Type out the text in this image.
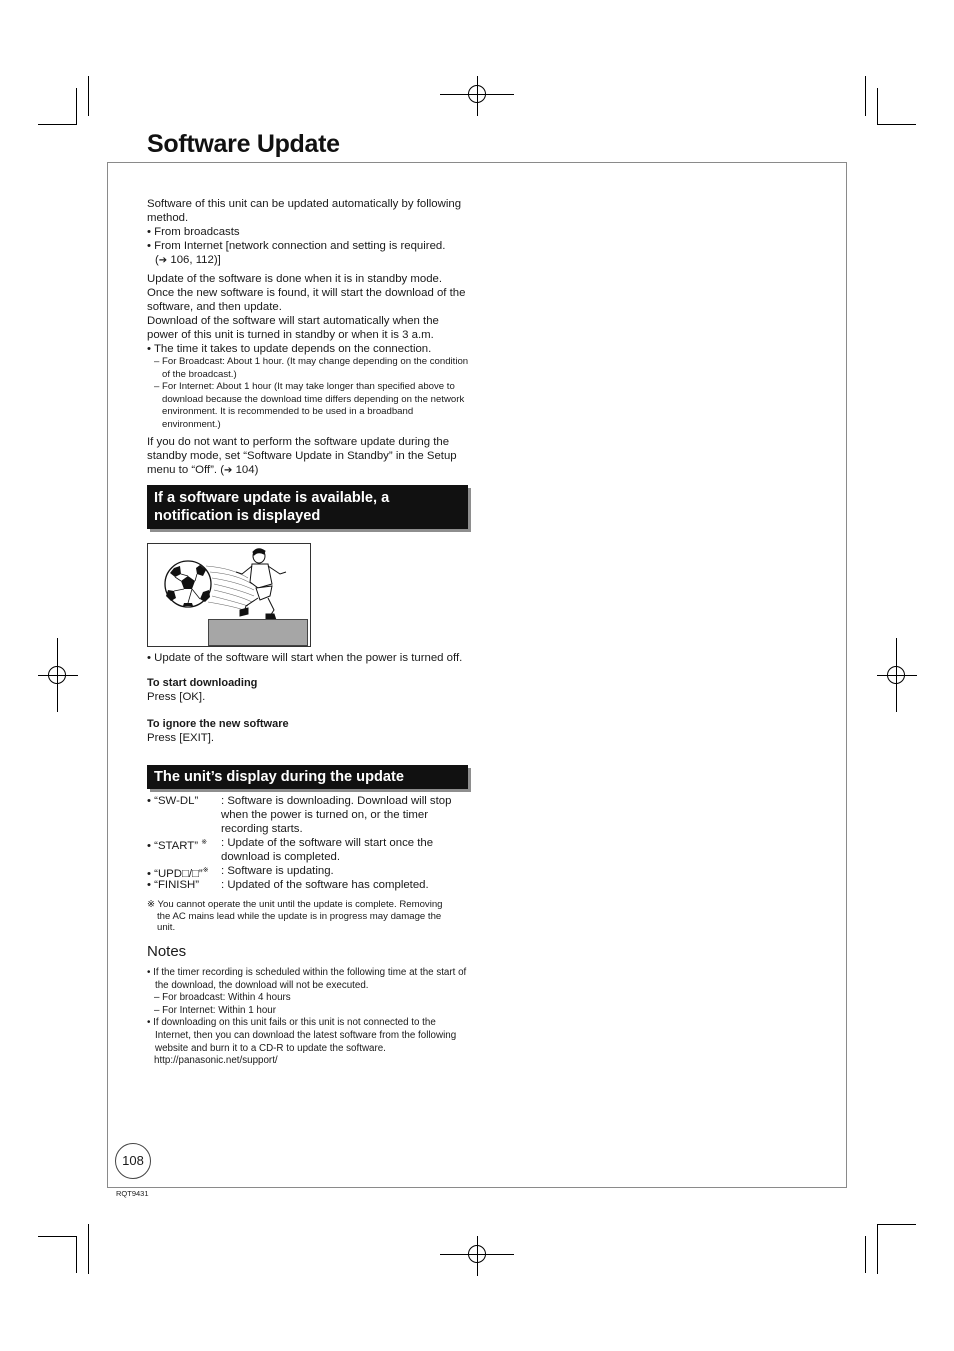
Software Update

Software of this unit can be updated automatically by following method.

• From broadcasts

• From Internet [network connection and setting is required.
(➔ 106, 112)]

Update of the software is done when it is in standby mode. Once the new software is found, it will start the download of the software, and then update.

Download of the software will start automatically when the power of this unit is turned in standby or when it is 3 a.m.

• The time it takes to update depends on the connection.

– For Broadcast: About 1 hour. (It may change depending on the condition of the broadcast.)

– For Internet: About 1 hour (It may take longer than specified above to download because the download time differs depending on the network environment. It is recommended to be used in a broadband environment.)

If you do not want to perform the software update during the standby mode, set “Software Update in Standby” in the Setup menu to “Off”. (➔ 104)

If a software update is available, a notification is displayed

• Update of the software will start when the power is turned off.

To start downloading

Press [OK].

To ignore the new software

Press [EXIT].

The unit’s display during the update
• “SW-DL” : Software is downloading. Download will stop when the power is turned on, or the timer recording starts.
• “START” ※ : Update of the software will start once the download is completed.
• “UPD□/□”※ : Software is updating.
• “FINISH” : Updated of the software has completed.
※ You cannot operate the unit until the update is complete. Removing the AC mains lead while the update is in progress may damage the unit.
Notes

• If the timer recording is scheduled within the following time at the start of the download, the download will not be executed.

– For broadcast: Within 4 hours

– For Internet: Within 1 hour

• If downloading on this unit fails or this unit is not connected to the Internet, then you can download the latest software from the following website and burn it to a CD-R to update the software.

http://panasonic.net/support/

108
RQT9431
